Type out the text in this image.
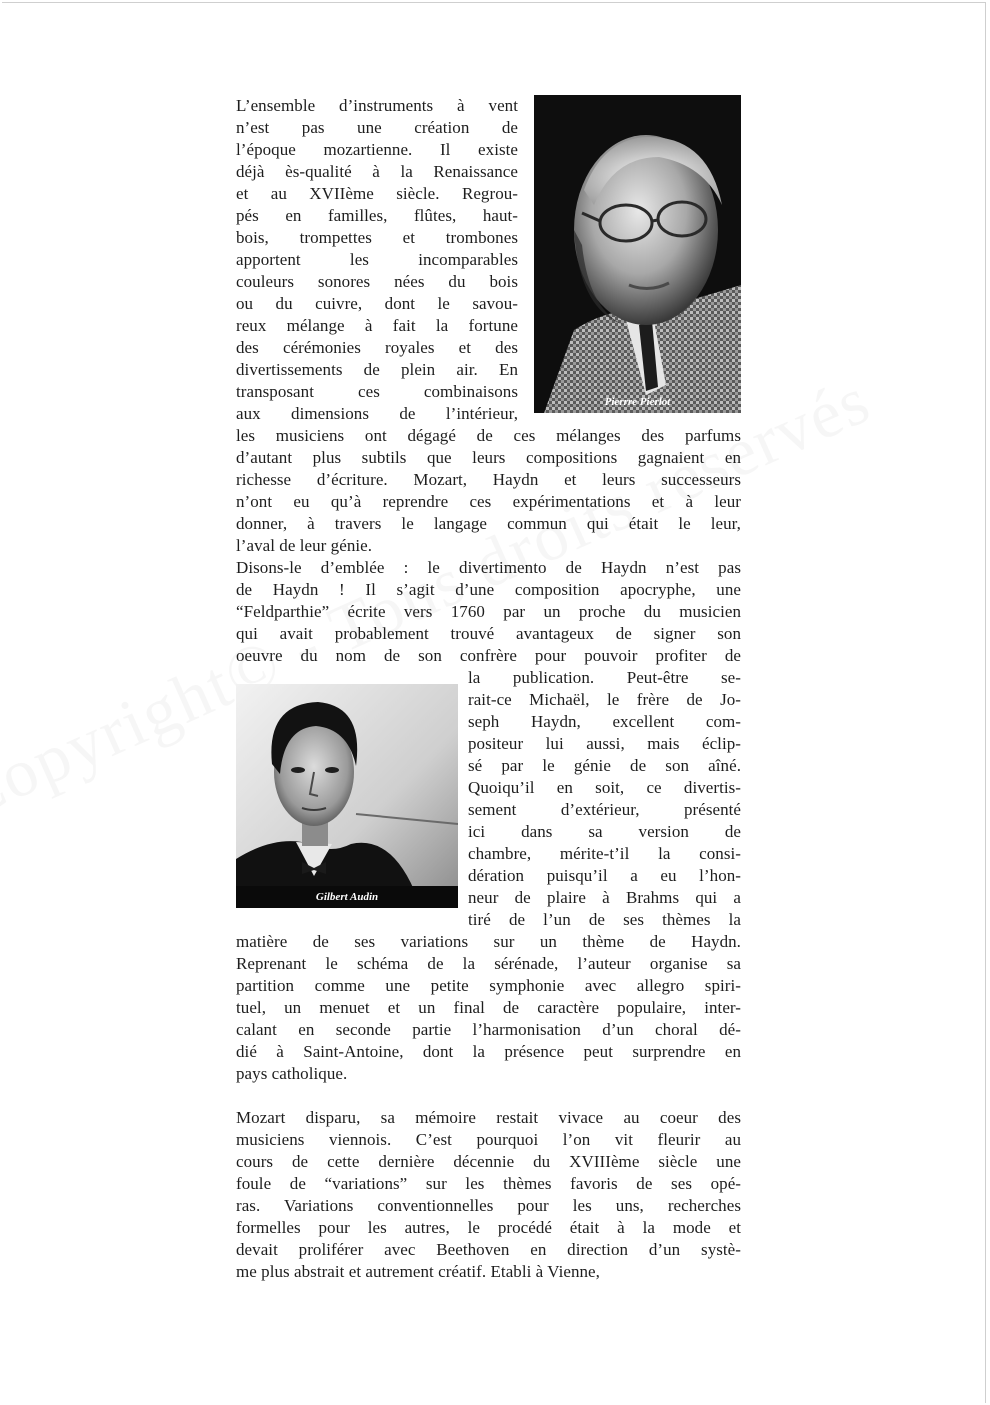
Pierrre Pierlot
Gilbert Audin
L’ensemble d’instruments à vent
n’est pas une création de
l’époque mozartienne. Il existe
déjà ès-qualité à la Renaissance
et au XVIIème siècle. Regrou-
pés en familles, flûtes, haut-
bois, trompettes et trombones
apportent les incomparables
couleurs sonores nées du bois
ou du cuivre, dont le savou-
reux mélange à fait la fortune
des cérémonies royales et des
divertissements de plein air. En
transposant ces combinaisons
aux dimensions de l’intérieur,
les musiciens ont dégagé de ces mélanges des parfums
d’autant plus subtils que leurs compositions gagnaient en
richesse d’écriture. Mozart, Haydn et leurs successeurs
n’ont eu qu’à reprendre ces expérimentations et à leur
donner, à travers le langage commun qui était le leur,
l’aval de leur génie.
Disons-le d’emblée : le divertimento de Haydn n’est pas
de Haydn ! Il s’agit d’une composition apocryphe, une
“Feldparthie” écrite vers 1760 par un proche du musicien
qui avait probablement trouvé avantageux de signer son
oeuvre du nom de son confrère pour pouvoir profiter de
la publication. Peut-être se-
rait-ce Michaël, le frère de Jo-
seph Haydn, excellent com-
positeur lui aussi, mais éclip-
sé par le génie de son aîné.
Quoiqu’il en soit, ce divertis-
sement d’extérieur, présenté
ici dans sa version de
chambre, mérite-t’il la consi-
dération puisqu’il a eu l’hon-
neur de plaire à Brahms qui a
tiré de l’un de ses thèmes la
matière de ses variations sur un thème de Haydn.
Reprenant le schéma de la sérénade, l’auteur organise sa
partition comme une petite symphonie avec allegro spiri-
tuel, un menuet et un final de caractère populaire, inter-
calant en seconde partie l’harmonisation d’un choral dé-
dié à Saint-Antoine, dont la présence peut surprendre en
pays catholique.
Mozart disparu, sa mémoire restait vivace au coeur des
musiciens viennois. C’est pourquoi l’on vit fleurir au
cours de cette dernière décennie du XVIIIème siècle une
foule de “variations” sur les thèmes favoris de ses opé-
ras. Variations conventionnelles pour les uns, recherches
formelles pour les autres, le procédé était à la mode et
devait proliférer avec Beethoven en direction d’un systè-
me plus abstrait et autrement créatif. Etabli à Vienne,
